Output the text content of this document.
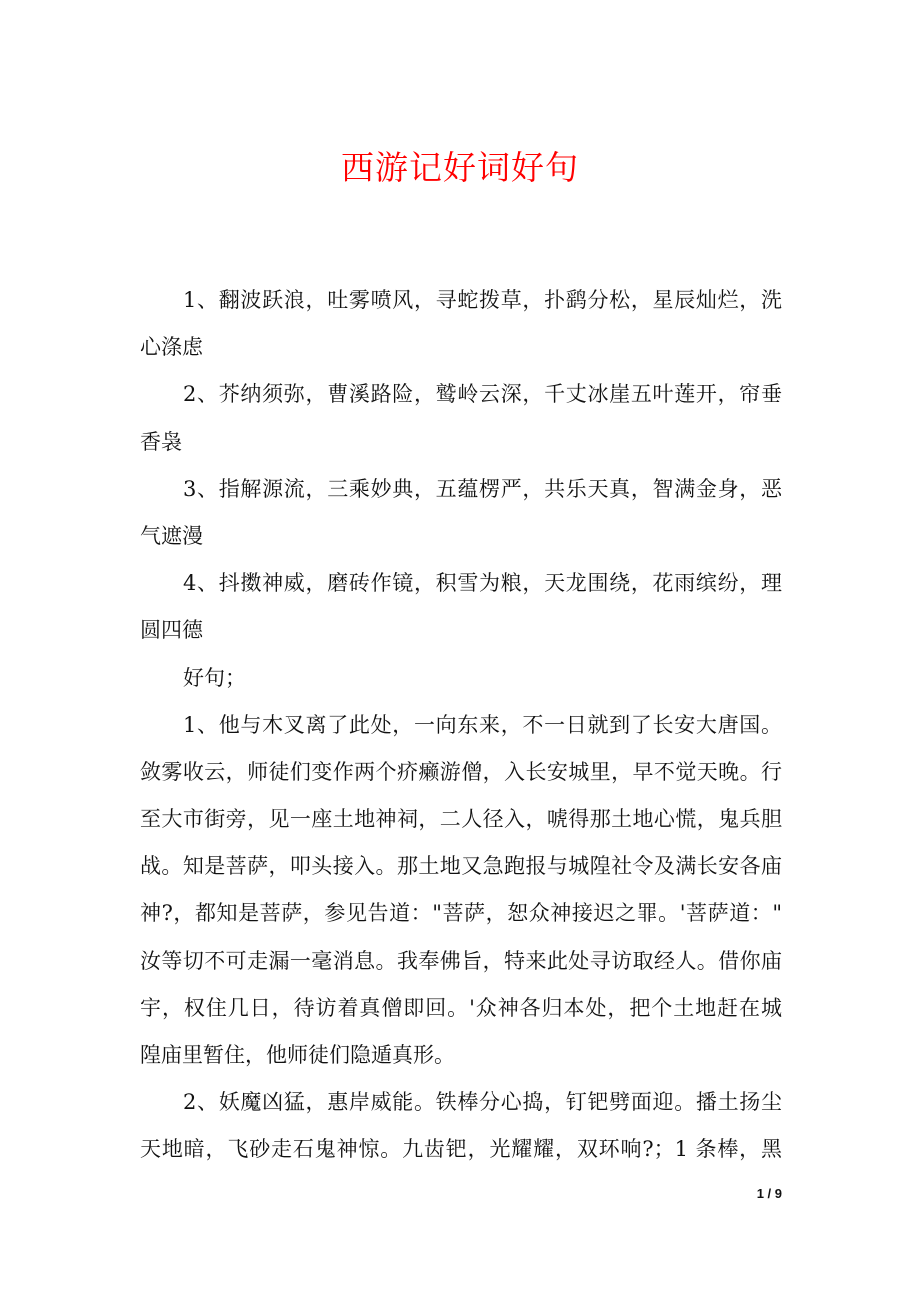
西游记好词好句
1、翻波跃浪，吐雾喷风，寻蛇拨草，扑鹞分松，星辰灿烂，洗
心涤虑
2、芥纳须弥，曹溪路险，鹫岭云深，千丈冰崖五叶莲开，帘垂
香袅
3、指解源流，三乘妙典，五蕴楞严，共乐天真，智满金身，恶
气遮漫
4、抖擞神威，磨砖作镜，积雪为粮，天龙围绕，花雨缤纷，理
圆四德
好句；
1、他与木叉离了此处，一向东来，不一日就到了长安大唐国。
敛雾收云，师徒们变作两个疥癞游僧，入长安城里，早不觉天晚。行
至大市街旁，见一座土地神祠，二人径入，唬得那土地心慌，鬼兵胆
战。知是菩萨，叩头接入。那土地又急跑报与城隍社令及满长安各庙
神?，都知是菩萨，参见告道："菩萨，恕众神接迟之罪。'菩萨道："
汝等切不可走漏一毫消息。我奉佛旨，特来此处寻访取经人。借你庙
宇，权住几日，待访着真僧即回。'众神各归本处，把个土地赶在城
隍庙里暂住，他师徒们隐遁真形。
2、妖魔凶猛，惠岸威能。铁棒分心捣，钉钯劈面迎。播土扬尘
天地暗，飞砂走石鬼神惊。九齿钯，光耀耀，双环响?；1 条棒，黑
1 / 9
